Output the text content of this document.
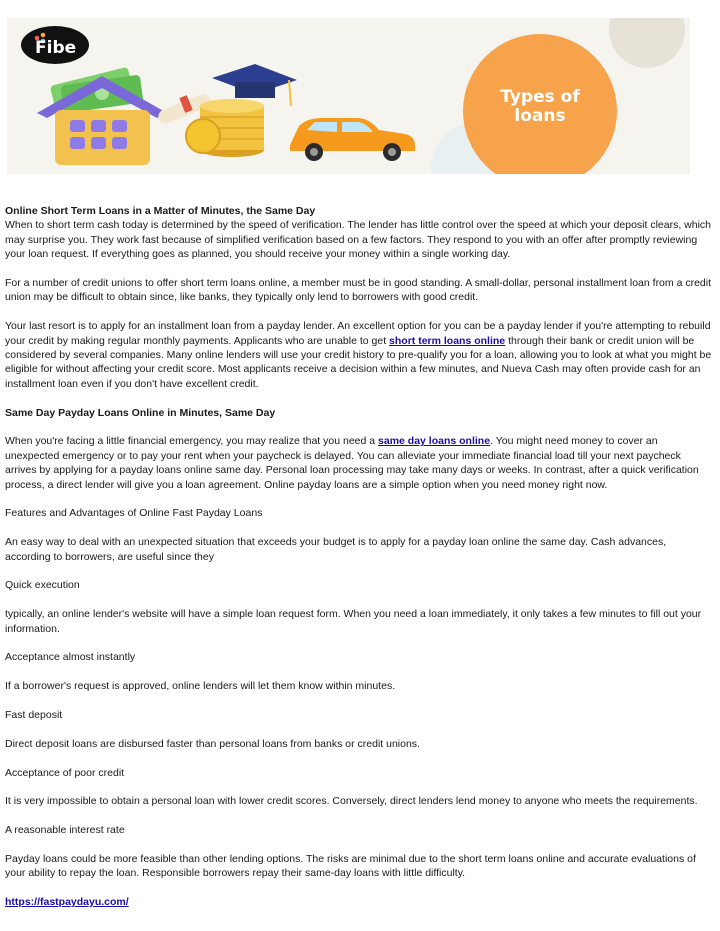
Fibe
Types of
loans

Online Short Term Loans in a Matter of Minutes, the Same Day

When to short term cash today is determined by the speed of verification. The lender has little control over the speed at which your deposit clears, which may surprise you. They work fast because of simplified verification based on a few factors. They respond to you with an offer after promptly reviewing your loan request. If everything goes as planned, you should receive your money within a single working day.

For a number of credit unions to offer short term loans online, a member must be in good standing. A small-dollar, personal installment loan from a credit union may be difficult to obtain since, like banks, they typically only lend to borrowers with good credit.

Your last resort is to apply for an installment loan from a payday lender. An excellent option for you can be a payday lender if you're attempting to rebuild your credit by making regular monthly payments. Applicants who are unable to get short term loans online through their bank or credit union will be considered by several companies. Many online lenders will use your credit history to pre-qualify you for a loan, allowing you to look at what you might be eligible for without affecting your credit score. Most applicants receive a decision within a few minutes, and Nueva Cash may often provide cash for an installment loan even if you don't have excellent credit.

Same Day Payday Loans Online in Minutes, Same Day

When you're facing a little financial emergency, you may realize that you need a same day loans online. You might need money to cover an unexpected emergency or to pay your rent when your paycheck is delayed. You can alleviate your immediate financial load till your next paycheck arrives by applying for a payday loans online same day. Personal loan processing may take many days or weeks. In contrast, after a quick verification process, a direct lender will give you a loan agreement. Online payday loans are a simple option when you need money right now.

Features and Advantages of Online Fast Payday Loans

An easy way to deal with an unexpected situation that exceeds your budget is to apply for a payday loan online the same day. Cash advances, according to borrowers, are useful since they

Quick execution

typically, an online lender's website will have a simple loan request form. When you need a loan immediately, it only takes a few minutes to fill out your information.

Acceptance almost instantly

If a borrower's request is approved, online lenders will let them know within minutes.

Fast deposit

Direct deposit loans are disbursed faster than personal loans from banks or credit unions.

Acceptance of poor credit

It is very impossible to obtain a personal loan with lower credit scores. Conversely, direct lenders lend money to anyone who meets the requirements.

A reasonable interest rate

Payday loans could be more feasible than other lending options. The risks are minimal due to the short term loans online and accurate evaluations of your ability to repay the loan. Responsible borrowers repay their same-day loans with little difficulty.

https://fastpaydayu.com/
